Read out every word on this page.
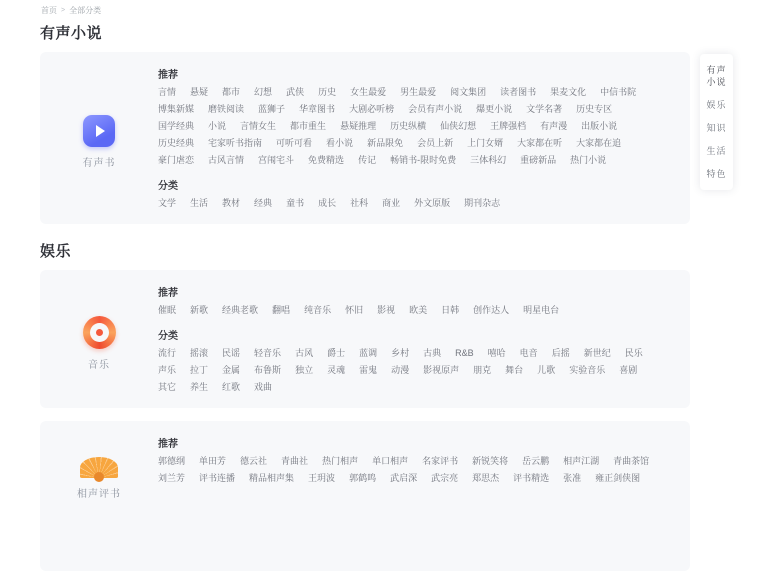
首页 > 全部分类
有声小说
有声书
推荐
言情 悬疑 都市 幻想 武侠 历史 女生最爱 男生最爱 阅文集团 读者图书 果麦文化 中信书院
博集新媒 磨铁阅读 蓝狮子 华章图书 大剧必听榜 会员有声小说 爆更小说 文学名著 历史专区
国学经典 小说 言情女生 都市重生 悬疑推理 历史纵横 仙侠幻想 王牌强档 有声漫 出版小说
历史经典 宅家听书指南 可听可看 看小说 新品限免 会员上新 上门女婿 大家都在听 大家都在追
豪门虐恋 古风言情 宫闱宅斗 免费精选 传记 畅销书-限时免费 三体科幻 重磅新品 热门小说
分类
文学 生活 教材 经典 童书 成长 社科 商业 外文原版 期刊杂志
娱乐
音乐
推荐
催眠 新歌 经典老歌 翻唱 纯音乐 怀旧 影视 欧美 日韩 创作达人 明星电台
分类
流行 摇滚 民谣 轻音乐 古风 爵士 蓝调 乡村 古典 R&B 嘻哈 电音 后摇 新世纪 民乐
声乐 拉丁 金属 布鲁斯 独立 灵魂 雷鬼 动漫 影视原声 朋克 舞台 儿歌 实验音乐 喜剧
其它 养生 红歌 戏曲
相声评书
推荐
郭德纲 单田芳 德云社 青曲社 热门相声 单口相声 名家评书 新锐笑将 岳云鹏 相声江湖 青曲茶馆
刘兰芳 评书连播 精品相声集 王玥波 郭鹤鸣 武启深 武宗亮 郑思杰 评书精选 张准 雍正剑侠图
有声小说
娱乐
知识
生活
特色
